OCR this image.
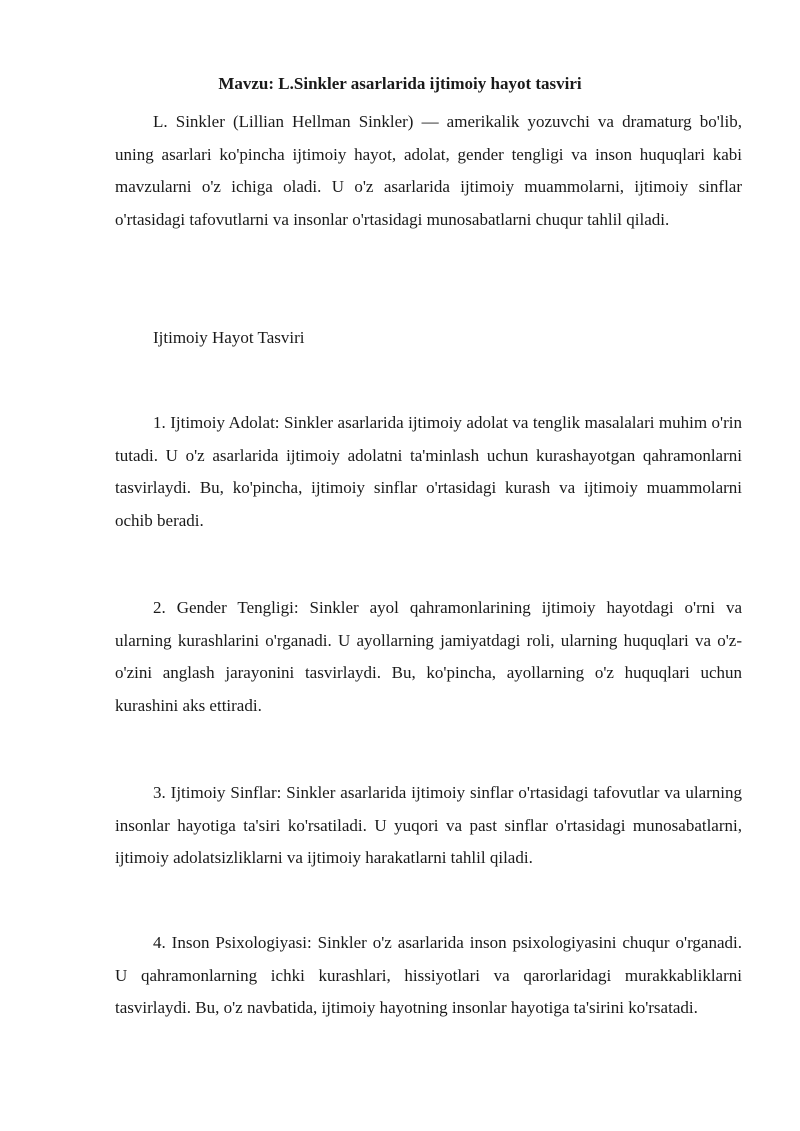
Mavzu: L.Sinkler asarlarida ijtimoiy hayot tasviri

L. Sinkler (Lillian Hellman Sinkler) — amerikalik yozuvchi va dramaturg bo'lib, uning asarlari ko'pincha ijtimoiy hayot, adolat, gender tengligi va inson huquqlari kabi mavzularni o'z ichiga oladi. U o'z asarlarida ijtimoiy muammolarni, ijtimoiy sinflar o'rtasidagi tafovutlarni va insonlar o'rtasidagi munosabatlarni chuqur tahlil qiladi.

Ijtimoiy Hayot Tasviri

1. Ijtimoiy Adolat: Sinkler asarlarida ijtimoiy adolat va tenglik masalalari muhim o'rin tutadi. U o'z asarlarida ijtimoiy adolatni ta'minlash uchun kurashayotgan qahramonlarni tasvirlaydi. Bu, ko'pincha, ijtimoiy sinflar o'rtasidagi kurash va ijtimoiy muammolarni ochib beradi.

2. Gender Tengligi: Sinkler ayol qahramonlarining ijtimoiy hayotdagi o'rni va ularning kurashlarini o'rganadi. U ayollarning jamiyatdagi roli, ularning huquqlari va o'z-o'zini anglash jarayonini tasvirlaydi. Bu, ko'pincha, ayollarning o'z huquqlari uchun kurashini aks ettiradi.

3. Ijtimoiy Sinflar: Sinkler asarlarida ijtimoiy sinflar o'rtasidagi tafovutlar va ularning insonlar hayotiga ta'siri ko'rsatiladi. U yuqori va past sinflar o'rtasidagi munosabatlarni, ijtimoiy adolatsizliklarni va ijtimoiy harakatlarni tahlil qiladi.

4. Inson Psixologiyasi: Sinkler o'z asarlarida inson psixologiyasini chuqur o'rganadi. U qahramonlarning ichki kurashlari, hissiyotlari va qarorlaridagi murakkabliklarni tasvirlaydi. Bu, o'z navbatida, ijtimoiy hayotning insonlar hayotiga ta'sirini ko'rsatadi.
